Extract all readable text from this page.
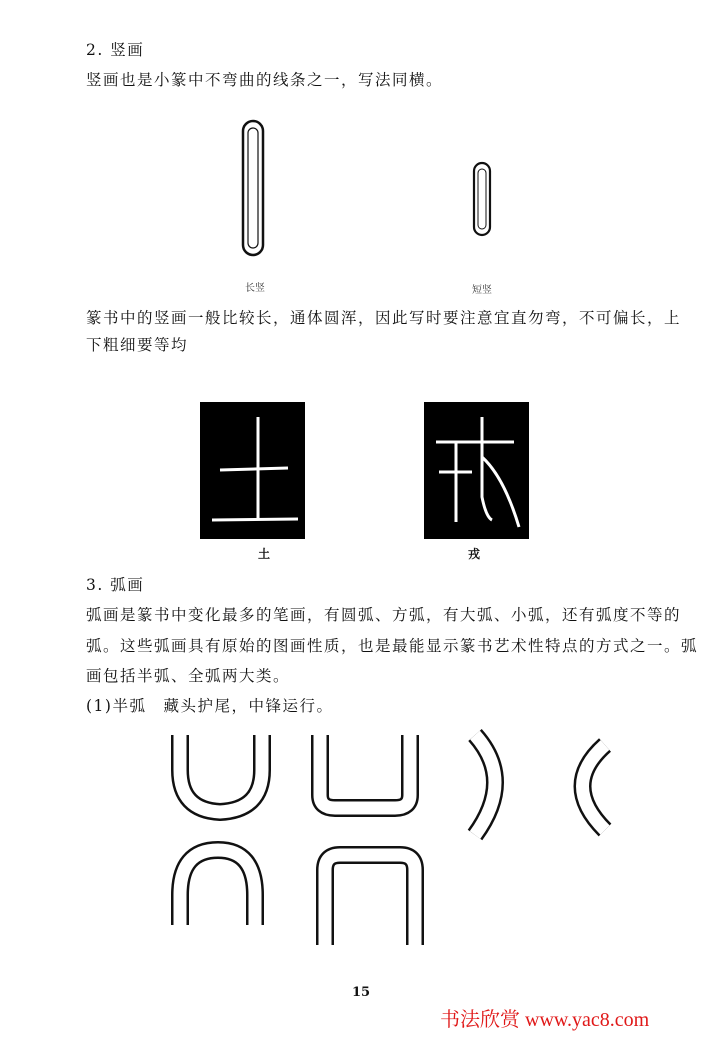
2. 竖画
竖画也是小篆中不弯曲的线条之一，写法同横。
长竖	短竖
篆书中的竖画一般比较长，通体圆浑，因此写时要注意宜直勿弯，不可偏长，上
下粗细要等均
土	戎
3. 弧画
弧画是篆书中变化最多的笔画，有圆弧、方弧，有大弧、小弧，还有弧度不等的
弧。这些弧画具有原始的图画性质，也是最能显示篆书艺术性特点的方式之一。弧
画包括半弧、全弧两大类。
(1)半弧　藏头护尾，中锋运行。
15
书法欣赏 www.yac8.com
